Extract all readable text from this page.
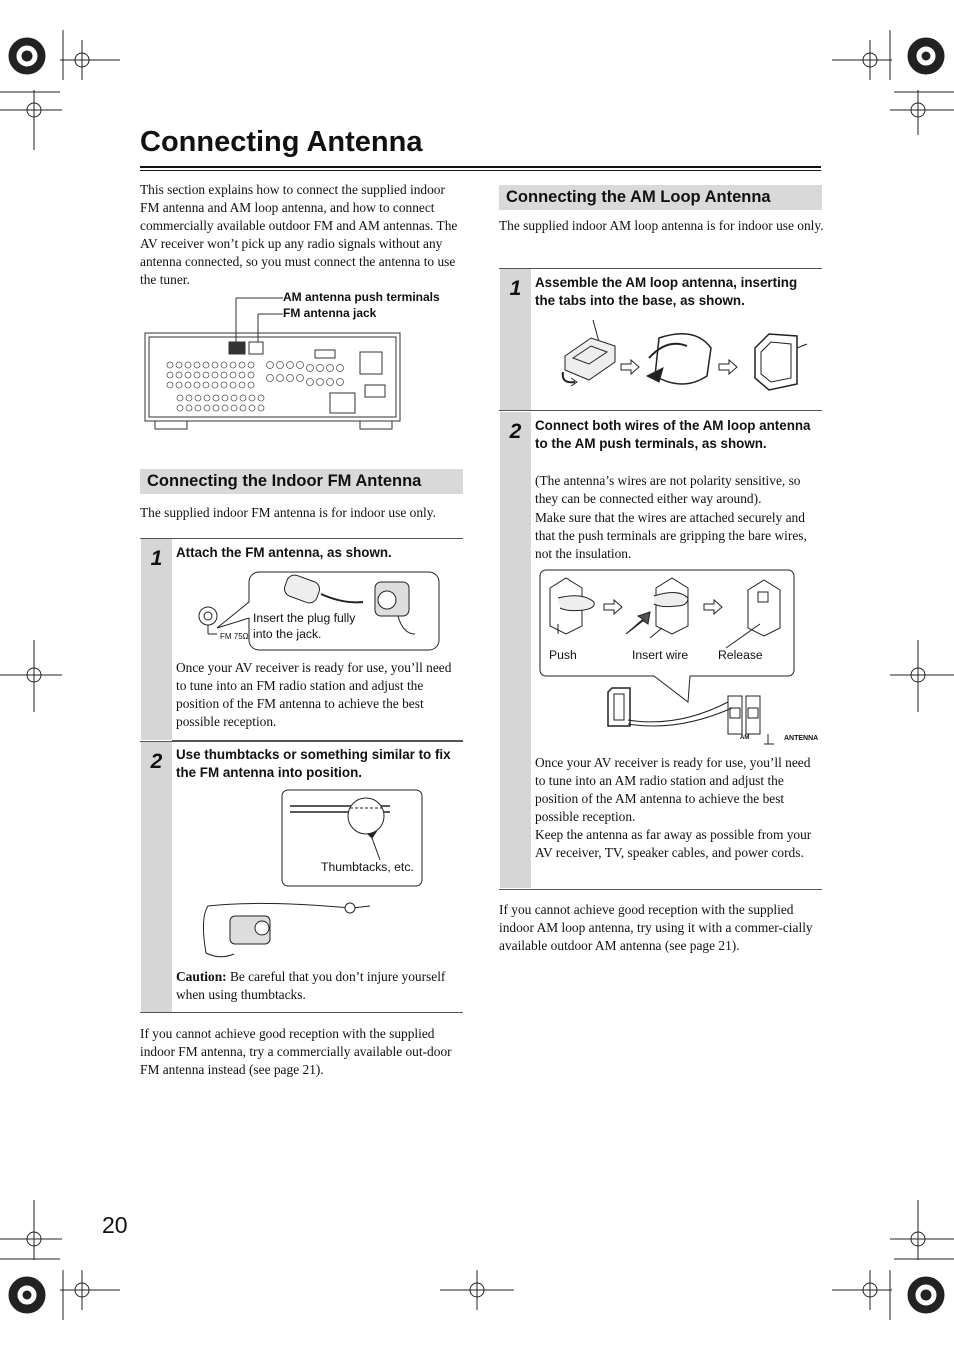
Connecting Antenna
This section explains how to connect the supplied indoor FM antenna and AM loop antenna, and how to connect commercially available outdoor FM and AM antennas. The AV receiver won’t pick up any radio signals without any antenna connected, so you must connect the antenna to use the tuner.
AM antenna push terminals
FM antenna jack
Connecting the Indoor FM Antenna
The supplied indoor FM antenna is for indoor use only.
1	Attach the FM antenna, as shown.
FM 75Ω
Insert the plug fully into the jack.
Once your AV receiver is ready for use, you’ll need to tune into an FM radio station and adjust the position of the FM antenna to achieve the best possible reception.
2	Use thumbtacks or something similar to fix the FM antenna into position.
Thumbtacks, etc.
Caution: Be careful that you don’t injure yourself when using thumbtacks.
If you cannot achieve good reception with the supplied indoor FM antenna, try a commercially available out-door FM antenna instead (see page 21).
Connecting the AM Loop Antenna
The supplied indoor AM loop antenna is for indoor use only.
1	Assemble the AM loop antenna, inserting the tabs into the base, as shown.
2	Connect both wires of the AM loop antenna to the AM push terminals, as shown.
(The antenna’s wires are not polarity sensitive, so they can be connected either way around).
Make sure that the wires are attached securely and that the push terminals are gripping the bare wires, not the insulation.
Push	Insert wire Release
AM	ANTENNA
Once your AV receiver is ready for use, you’ll need to tune into an AM radio station and adjust the position of the AM antenna to achieve the best possible reception.
Keep the antenna as far away as possible from your AV receiver, TV, speaker cables, and power cords.
If you cannot achieve good reception with the supplied indoor AM loop antenna, try using it with a commer-cially available outdoor AM antenna (see page 21).
20
